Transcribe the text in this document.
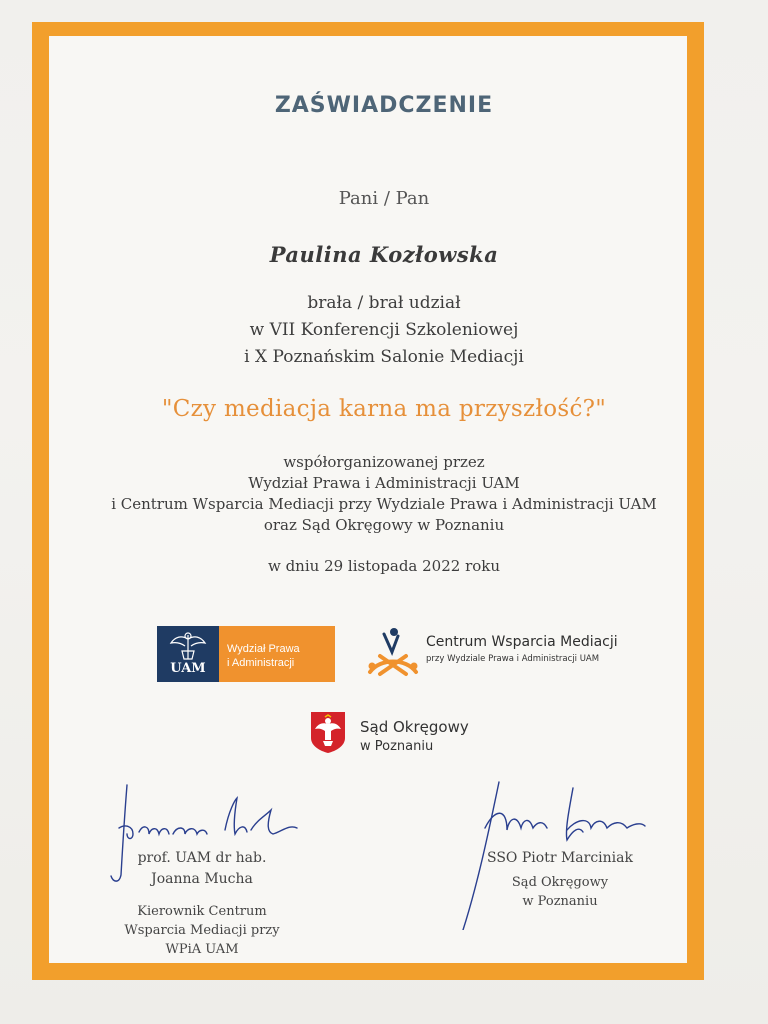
ZAŚWIADCZENIE
Pani / Pan
Paulina Kozłowska
brała / brał udział
w VII Konferencji Szkoleniowej
i X Poznańskim Salonie Mediacji
"Czy mediacja karna ma przyszłość?"
współorganizowanej przez
Wydział Prawa i Administracji UAM
i Centrum Wsparcia Mediacji przy Wydziale Prawa i Administracji UAM
oraz Sąd Okręgowy w Poznaniu
w dniu 29 listopada 2022 roku
UAM
Wydział Prawa
i Administracji
Centrum Wsparcia Mediacji
przy Wydziale Prawa i Administracji UAM
Sąd Okręgowy
w Poznaniu
prof. UAM dr hab.
Joanna Mucha
Kierownik Centrum
Wsparcia Mediacji przy
WPiA UAM
SSO Piotr Marciniak
Sąd Okręgowy
w Poznaniu
